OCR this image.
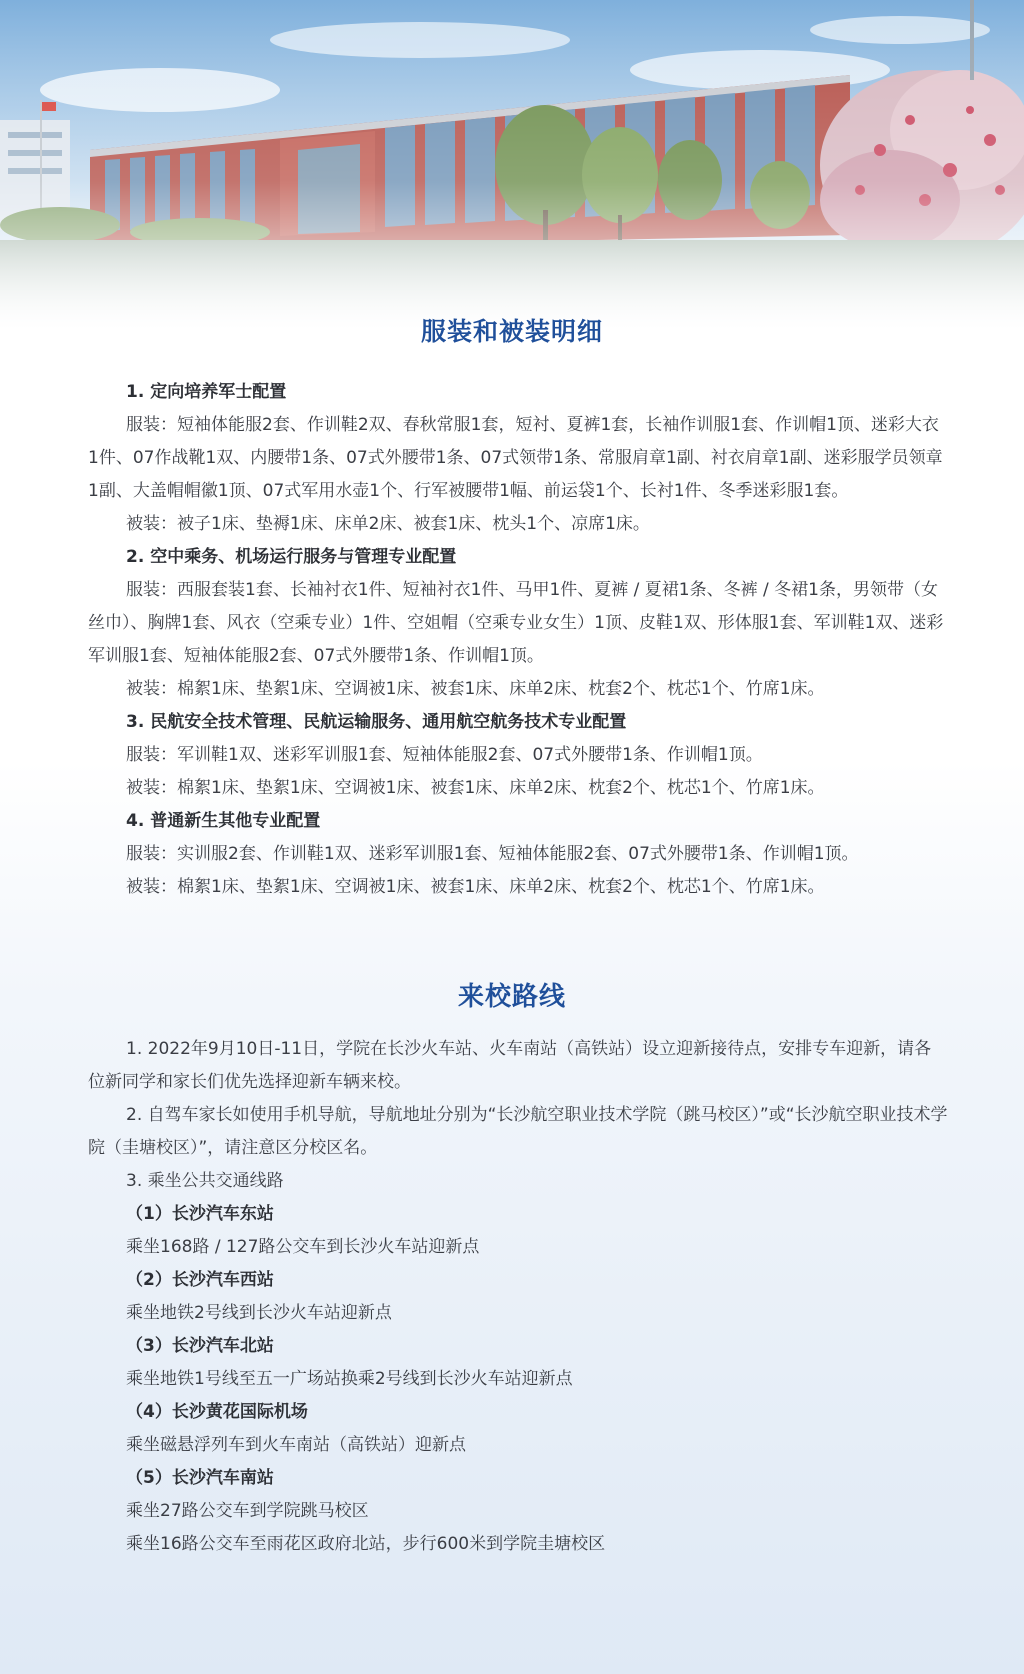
服装和被装明细

1. 定向培养军士配置

服装：短袖体能服2套、作训鞋2双、春秋常服1套，短衬、夏裤1套，长袖作训服1套、作训帽1顶、迷彩大衣1件、07作战靴1双、内腰带1条、07式外腰带1条、07式领带1条、常服肩章1副、衬衣肩章1副、迷彩服学员领章1副、大盖帽帽徽1顶、07式军用水壶1个、行军被腰带1幅、前运袋1个、长衬1件、冬季迷彩服1套。

被装：被子1床、垫褥1床、床单2床、被套1床、枕头1个、凉席1床。

2. 空中乘务、机场运行服务与管理专业配置

服装：西服套装1套、长袖衬衣1件、短袖衬衣1件、马甲1件、夏裤 / 夏裙1条、冬裤 / 冬裙1条，男领带（女丝巾）、胸牌1套、风衣（空乘专业）1件、空姐帽（空乘专业女生）1顶、皮鞋1双、形体服1套、军训鞋1双、迷彩军训服1套、短袖体能服2套、07式外腰带1条、作训帽1顶。

被装：棉絮1床、垫絮1床、空调被1床、被套1床、床单2床、枕套2个、枕芯1个、竹席1床。

3. 民航安全技术管理、民航运输服务、通用航空航务技术专业配置

服装：军训鞋1双、迷彩军训服1套、短袖体能服2套、07式外腰带1条、作训帽1顶。

被装：棉絮1床、垫絮1床、空调被1床、被套1床、床单2床、枕套2个、枕芯1个、竹席1床。

4. 普通新生其他专业配置

服装：实训服2套、作训鞋1双、迷彩军训服1套、短袖体能服2套、07式外腰带1条、作训帽1顶。

被装：棉絮1床、垫絮1床、空调被1床、被套1床、床单2床、枕套2个、枕芯1个、竹席1床。

来校路线

1. 2022年9月10日-11日，学院在长沙火车站、火车南站（高铁站）设立迎新接待点，安排专车迎新，请各位新同学和家长们优先选择迎新车辆来校。

2. 自驾车家长如使用手机导航，导航地址分别为“长沙航空职业技术学院（跳马校区）”或“长沙航空职业技术学院（圭塘校区）”，请注意区分校区名。

3. 乘坐公共交通线路

（1）长沙汽车东站

乘坐168路 / 127路公交车到长沙火车站迎新点

（2）长沙汽车西站

乘坐地铁2号线到长沙火车站迎新点

（3）长沙汽车北站

乘坐地铁1号线至五一广场站换乘2号线到长沙火车站迎新点

（4）长沙黄花国际机场

乘坐磁悬浮列车到火车南站（高铁站）迎新点

（5）长沙汽车南站

乘坐27路公交车到学院跳马校区

乘坐16路公交车至雨花区政府北站，步行600米到学院圭塘校区
